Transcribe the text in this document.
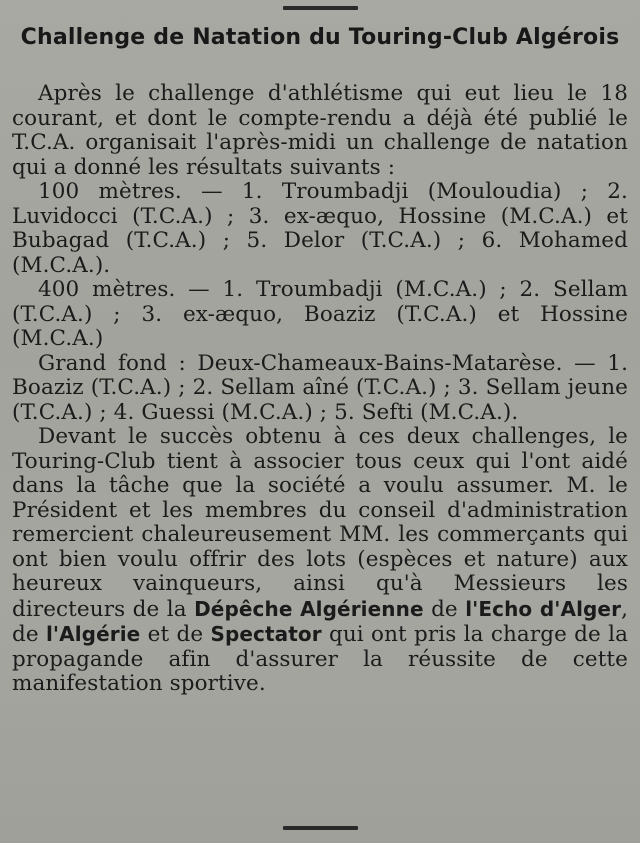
Challenge de Natation du Touring-Club Algérois

Après le challenge d'athlétisme qui eut lieu le 18 courant, et dont le compte-rendu a déjà été publié le T.C.A. organisait l'après-midi un challenge de natation qui a donné les résultats suivants :

100 mètres. — 1. Troumbadji (Mouloudia) ; 2. Luvidocci (T.C.A.) ; 3. ex-æquo, Hossine (M.C.A.) et Bubagad (T.C.A.) ; 5. Delor (T.C.A.) ; 6. Mohamed (M.C.A.).

400 mètres. — 1. Troumbadji (M.C.A.) ; 2. Sellam (T.C.A.) ; 3. ex-æquo, Boaziz (T.C.A.) et Hossine (M.C.A.)

Grand fond : Deux-Chameaux-Bains-Matarèse. — 1. Boaziz (T.C.A.) ; 2. Sellam aîné (T.C.A.) ; 3. Sellam jeune (T.C.A.) ; 4. Guessi (M.C.A.) ; 5. Sefti (M.C.A.).

Devant le succès obtenu à ces deux challenges, le Touring-Club tient à associer tous ceux qui l'ont aidé dans la tâche que la société a voulu assumer. M. le Président et les membres du conseil d'administration remercient chaleureusement MM. les commerçants qui ont bien voulu offrir des lots (espèces et nature) aux heureux vainqueurs, ainsi qu'à Messieurs les directeurs de la Dépêche Algérienne de l'Echo d'Alger, de l'Algérie et de Spectator qui ont pris la charge de la propagande afin d'assurer la réussite de cette manifestation sportive.
